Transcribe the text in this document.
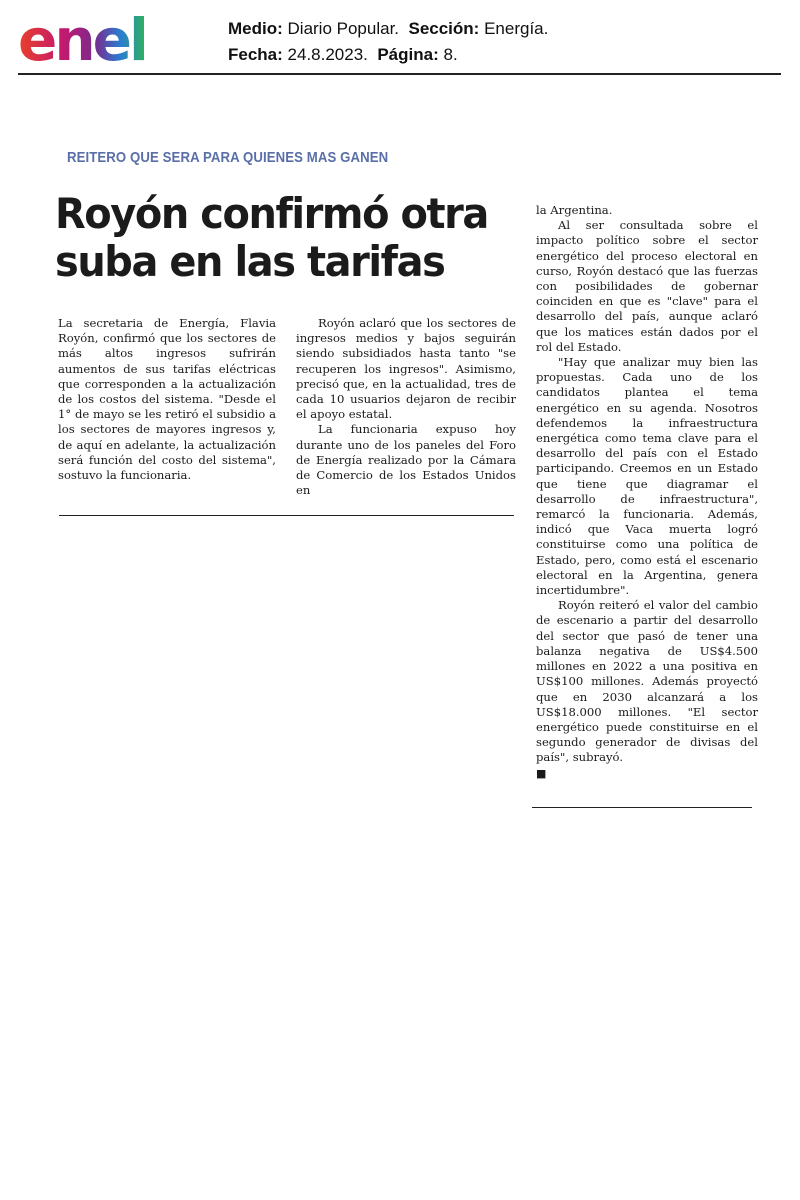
enel	Medio: Diario Popular. Sección: Energía.
Fecha: 24.8.2023. Página: 8.
REITERO QUE SERA PARA QUIENES MAS GANEN
Royón confirmó otra suba en las tarifas

La secretaria de Energía, Flavia Royón, confirmó que los sectores de más altos ingresos sufrirán aumentos de sus tarifas eléctricas que corresponden a la actualización de los costos del sistema. "Desde el 1° de mayo se les retiró el subsidio a los sectores de mayores ingresos y, de aquí en adelante, la actualización será función del costo del sistema", sostuvo la funcionaria.

Royón aclaró que los sectores de ingresos medios y bajos seguirán siendo subsidiados hasta tanto "se recuperen los ingresos". Asimismo, precisó que, en la actualidad, tres de cada 10 usuarios dejaron de recibir el apoyo estatal.

La funcionaria expuso hoy durante uno de los paneles del Foro de Energía realizado por la Cámara de Comercio de los Estados Unidos en

la Argentina.

Al ser consultada sobre el impacto político sobre el sector energético del proceso electoral en curso, Royón destacó que las fuerzas con posibilidades de gobernar coinciden en que es "clave" para el desarrollo del país, aunque aclaró que los matices están dados por el rol del Estado.

"Hay que analizar muy bien las propuestas. Cada uno de los candidatos plantea el tema energético en su agenda. Nosotros defendemos la infraestructura energética como tema clave para el desarrollo del país con el Estado participando. Creemos en un Estado que tiene que diagramar el desarrollo de infraestructura", remarcó la funcionaria. Además, indicó que Vaca muerta logró constituirse como una política de Estado, pero, como está el escenario electoral en la Argentina, genera incertidumbre".

Royón reiteró el valor del cambio de escenario a partir del desarrollo del sector que pasó de tener una balanza negativa de US$4.500 millones en 2022 a una positiva en US$100 millones. Además proyectó que en 2030 alcanzará a los US$18.000 millones. "El sector energético puede constituirse en el segundo generador de divisas del país", subrayó.

■
